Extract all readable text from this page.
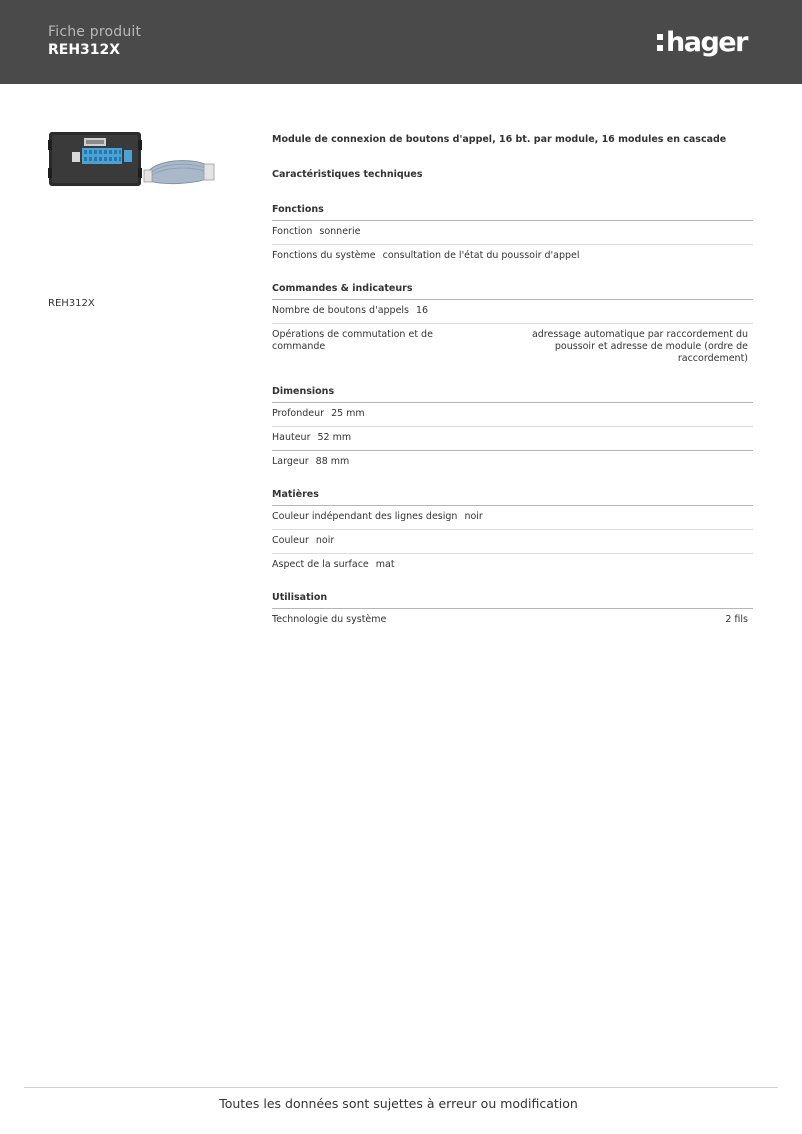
Fiche produit
REH312X	hager
REH312X
Module de connexion de boutons d'appel, 16 bt. par module, 16 modules en cascade
Caractéristiques techniques
Fonctions
Fonction sonnerie
Fonctions du système consultation de l'état du poussoir d'appel
Commandes & indicateurs
Nombre de boutons d'appels 16
Opérations de commutation et de commande
adressage automatique par raccordement du poussoir et adresse de module (ordre de raccordement)
Dimensions
Profondeur 25 mm
Hauteur 52 mm
Largeur 88 mm
Matières
Couleur indépendant des lignes design noir
Couleur noir
Aspect de la surface mat
Utilisation
Technologie du système	2 fils
Toutes les données sont sujettes à erreur ou modification
